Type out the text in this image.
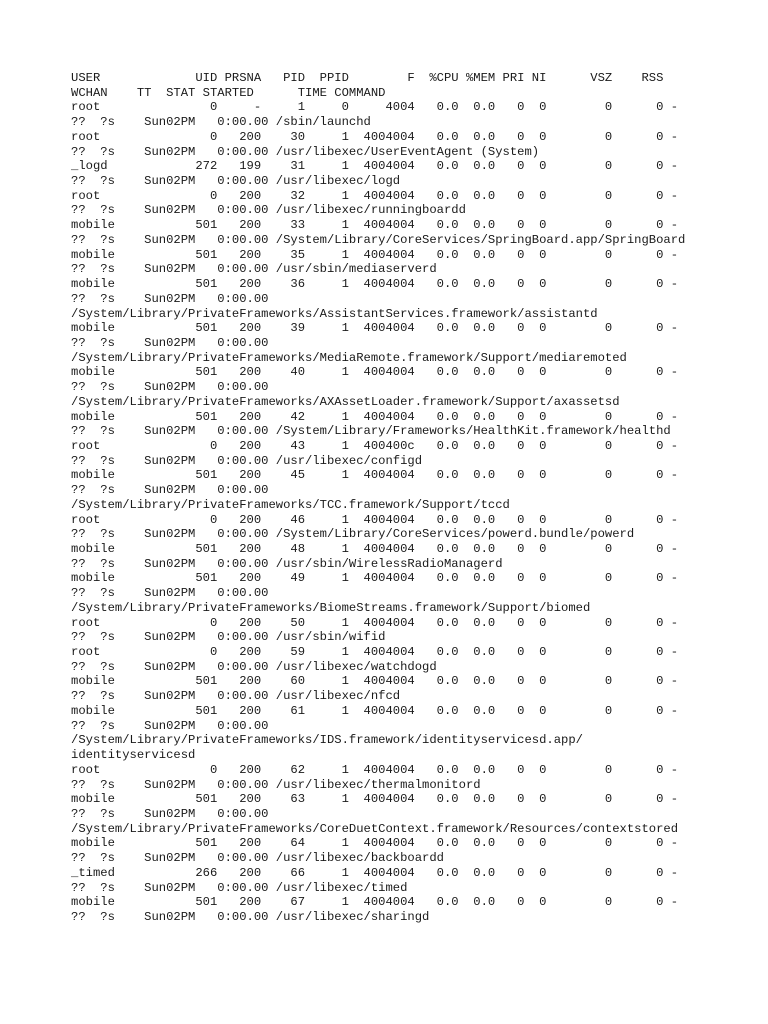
USER             UID PRSNA   PID  PPID        F  %CPU %MEM PRI NI      VSZ    RSS
WCHAN    TT  STAT STARTED      TIME COMMAND
root               0     -     1     0     4004   0.0  0.0   0  0        0      0 -
??  ?s    Sun02PM   0:00.00 /sbin/launchd
root               0   200    30     1  4004004   0.0  0.0   0  0        0      0 -
??  ?s    Sun02PM   0:00.00 /usr/libexec/UserEventAgent (System)
_logd            272   199    31     1  4004004   0.0  0.0   0  0        0      0 -
??  ?s    Sun02PM   0:00.00 /usr/libexec/logd
root               0   200    32     1  4004004   0.0  0.0   0  0        0      0 -
??  ?s    Sun02PM   0:00.00 /usr/libexec/runningboardd
mobile           501   200    33     1  4004004   0.0  0.0   0  0        0      0 -
??  ?s    Sun02PM   0:00.00 /System/Library/CoreServices/SpringBoard.app/SpringBoard
mobile           501   200    35     1  4004004   0.0  0.0   0  0        0      0 -
??  ?s    Sun02PM   0:00.00 /usr/sbin/mediaserverd
mobile           501   200    36     1  4004004   0.0  0.0   0  0        0      0 -
??  ?s    Sun02PM   0:00.00
/System/Library/PrivateFrameworks/AssistantServices.framework/assistantd
mobile           501   200    39     1  4004004   0.0  0.0   0  0        0      0 -
??  ?s    Sun02PM   0:00.00
/System/Library/PrivateFrameworks/MediaRemote.framework/Support/mediaremoted
mobile           501   200    40     1  4004004   0.0  0.0   0  0        0      0 -
??  ?s    Sun02PM   0:00.00
/System/Library/PrivateFrameworks/AXAssetLoader.framework/Support/axassetsd
mobile           501   200    42     1  4004004   0.0  0.0   0  0        0      0 -
??  ?s    Sun02PM   0:00.00 /System/Library/Frameworks/HealthKit.framework/healthd
root               0   200    43     1  400400c   0.0  0.0   0  0        0      0 -
??  ?s    Sun02PM   0:00.00 /usr/libexec/configd
mobile           501   200    45     1  4004004   0.0  0.0   0  0        0      0 -
??  ?s    Sun02PM   0:00.00
/System/Library/PrivateFrameworks/TCC.framework/Support/tccd
root               0   200    46     1  4004004   0.0  0.0   0  0        0      0 -
??  ?s    Sun02PM   0:00.00 /System/Library/CoreServices/powerd.bundle/powerd
mobile           501   200    48     1  4004004   0.0  0.0   0  0        0      0 -
??  ?s    Sun02PM   0:00.00 /usr/sbin/WirelessRadioManagerd
mobile           501   200    49     1  4004004   0.0  0.0   0  0        0      0 -
??  ?s    Sun02PM   0:00.00
/System/Library/PrivateFrameworks/BiomeStreams.framework/Support/biomed
root               0   200    50     1  4004004   0.0  0.0   0  0        0      0 -
??  ?s    Sun02PM   0:00.00 /usr/sbin/wifid
root               0   200    59     1  4004004   0.0  0.0   0  0        0      0 -
??  ?s    Sun02PM   0:00.00 /usr/libexec/watchdogd
mobile           501   200    60     1  4004004   0.0  0.0   0  0        0      0 -
??  ?s    Sun02PM   0:00.00 /usr/libexec/nfcd
mobile           501   200    61     1  4004004   0.0  0.0   0  0        0      0 -
??  ?s    Sun02PM   0:00.00
/System/Library/PrivateFrameworks/IDS.framework/identityservicesd.app/
identityservicesd
root               0   200    62     1  4004004   0.0  0.0   0  0        0      0 -
??  ?s    Sun02PM   0:00.00 /usr/libexec/thermalmonitord
mobile           501   200    63     1  4004004   0.0  0.0   0  0        0      0 -
??  ?s    Sun02PM   0:00.00
/System/Library/PrivateFrameworks/CoreDuetContext.framework/Resources/contextstored
mobile           501   200    64     1  4004004   0.0  0.0   0  0        0      0 -
??  ?s    Sun02PM   0:00.00 /usr/libexec/backboardd
_timed           266   200    66     1  4004004   0.0  0.0   0  0        0      0 -
??  ?s    Sun02PM   0:00.00 /usr/libexec/timed
mobile           501   200    67     1  4004004   0.0  0.0   0  0        0      0 -
??  ?s    Sun02PM   0:00.00 /usr/libexec/sharingd
